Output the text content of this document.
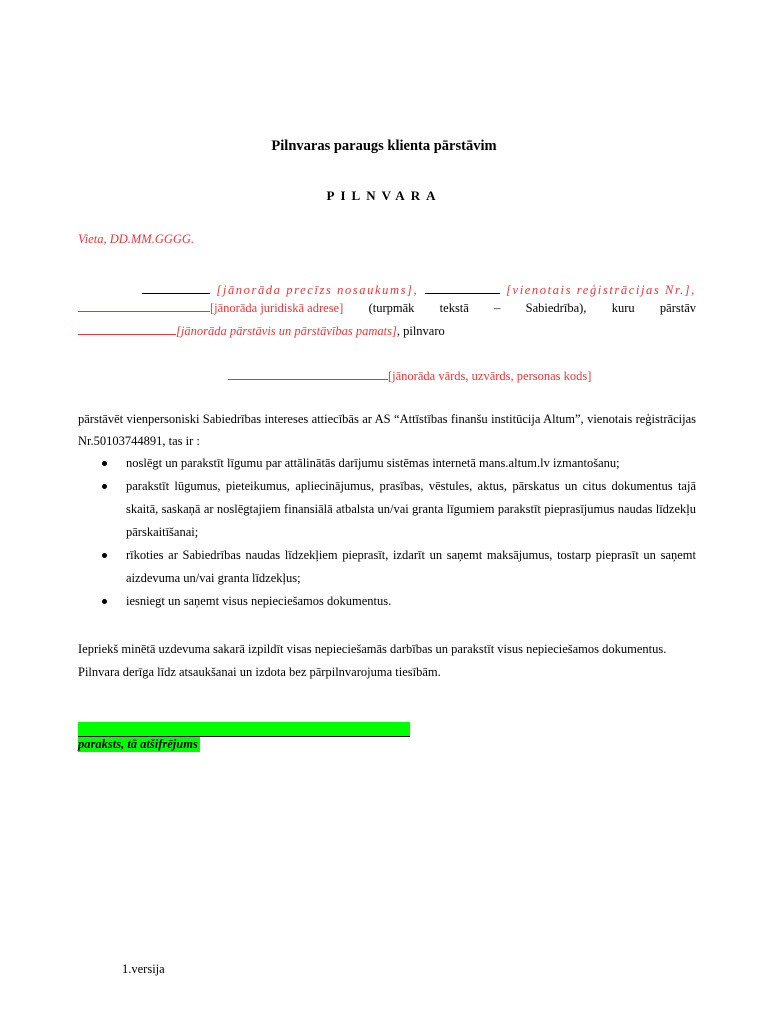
Pilnvaras paraugs klienta pārstāvim
PILNVARA
Vieta, DD.MM.GGGG.
[jānorāda precīzs nosaukums],	[vienotais reģistrācijas Nr.],
[jānorāda juridiskā adrese] (turpmāk tekstā – Sabiedrība), kuru pārstāv
[jānorāda pārstāvis un pārstāvības pamats], pilnvaro
[jānorāda vārds, uzvārds, personas kods]
pārstāvēt vienpersoniski Sabiedrības intereses attiecībās ar AS “Attīstības finanšu institūcija Altum”, vienotais reģistrācijas Nr.50103744891, tas ir :
noslēgt un parakstīt līgumu par attālinātās darījumu sistēmas internetā mans.altum.lv izmantošanu;
parakstīt lūgumus, pieteikumus, apliecinājumus, prasības, vēstules, aktus, pārskatus un citus dokumentus tajā skaitā, saskaņā ar noslēgtajiem finansiālā atbalsta un/vai granta līgumiem parakstīt pieprasījumus naudas līdzekļu pārskaitīšanai;
rīkoties ar Sabiedrības naudas līdzekļiem pieprasīt, izdarīt un saņemt maksājumus, tostarp pieprasīt un saņemt aizdevuma un/vai granta līdzekļus;
iesniegt un saņemt visus nepieciešamos dokumentus.
Iepriekš minētā uzdevuma sakarā izpildīt visas nepieciešamās darbības un parakstīt visus nepieciešamos dokumentus.
Pilnvara derīga līdz atsaukšanai un izdota bez pārpilnvarojuma tiesībām.
paraksts, tā atšifrējums
1.versija
